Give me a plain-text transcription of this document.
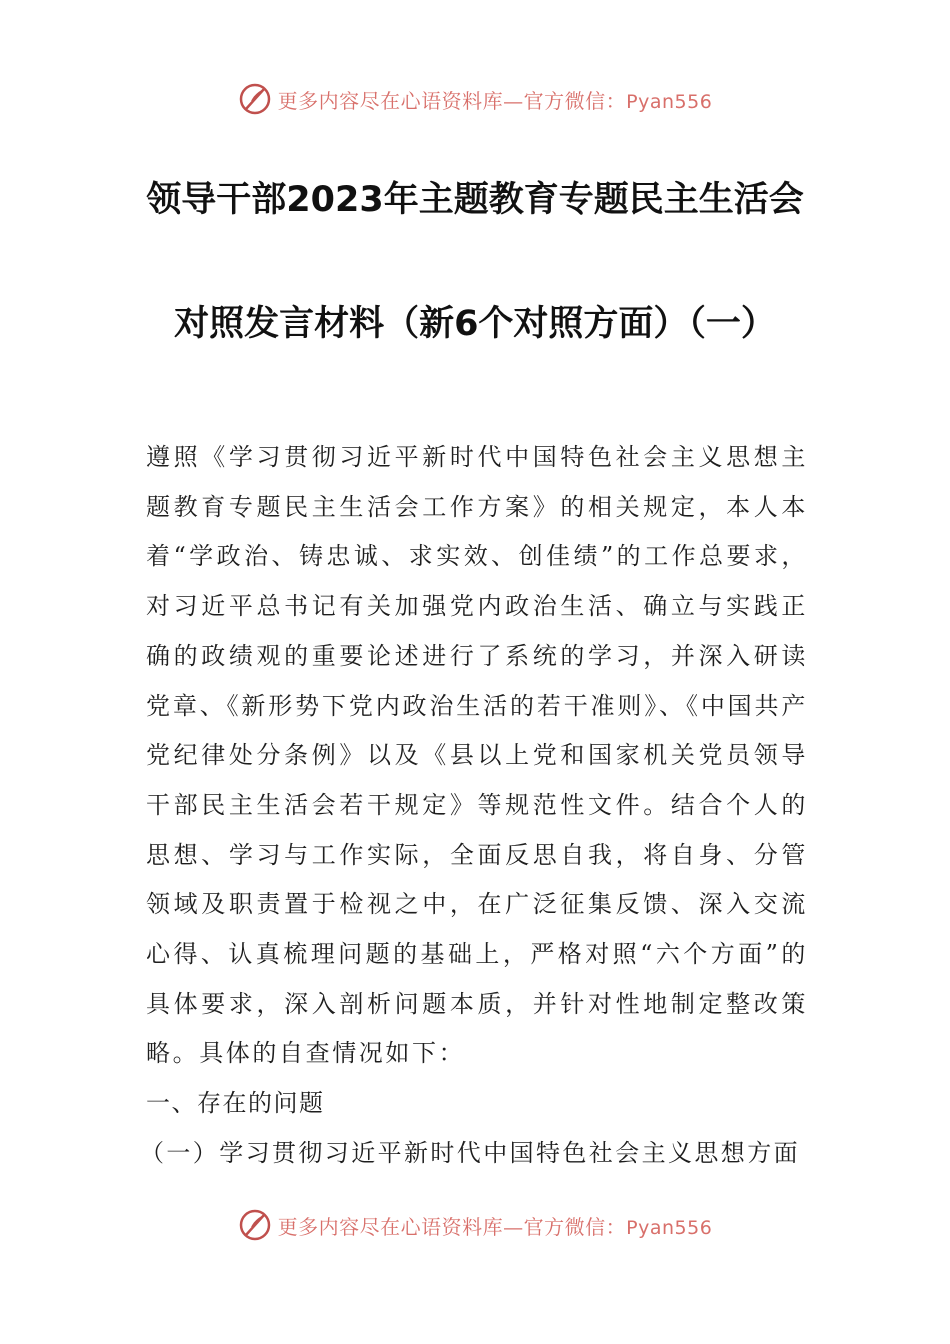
更多内容尽在心语资料库—官方微信：Pyan556
领导干部2023年主题教育专题民主生活会
对照发言材料（新6个对照方面）（一）

遵照《学习贯彻习近平新时代中国特色社会主义思想主题教育专题民主生活会工作方案》的相关规定，本人本着“学政治、铸忠诚、求实效、创佳绩”的工作总要求，对习近平总书记有关加强党内政治生活、确立与实践正确的政绩观的重要论述进行了系统的学习，并深入研读党章、《新形势下党内政治生活的若干准则》、《中国共产党纪律处分条例》以及《县以上党和国家机关党员领导干部民主生活会若干规定》等规范性文件。结合个人的思想、学习与工作实际，全面反思自我，将自身、分管领域及职责置于检视之中，在广泛征集反馈、深入交流心得、认真梳理问题的基础上，严格对照“六个方面”的具体要求，深入剖析问题本质，并针对性地制定整改策略。具体的自查情况如下：

一、存在的问题
（一）学习贯彻习近平新时代中国特色社会主义思想方面
更多内容尽在心语资料库—官方微信：Pyan556
